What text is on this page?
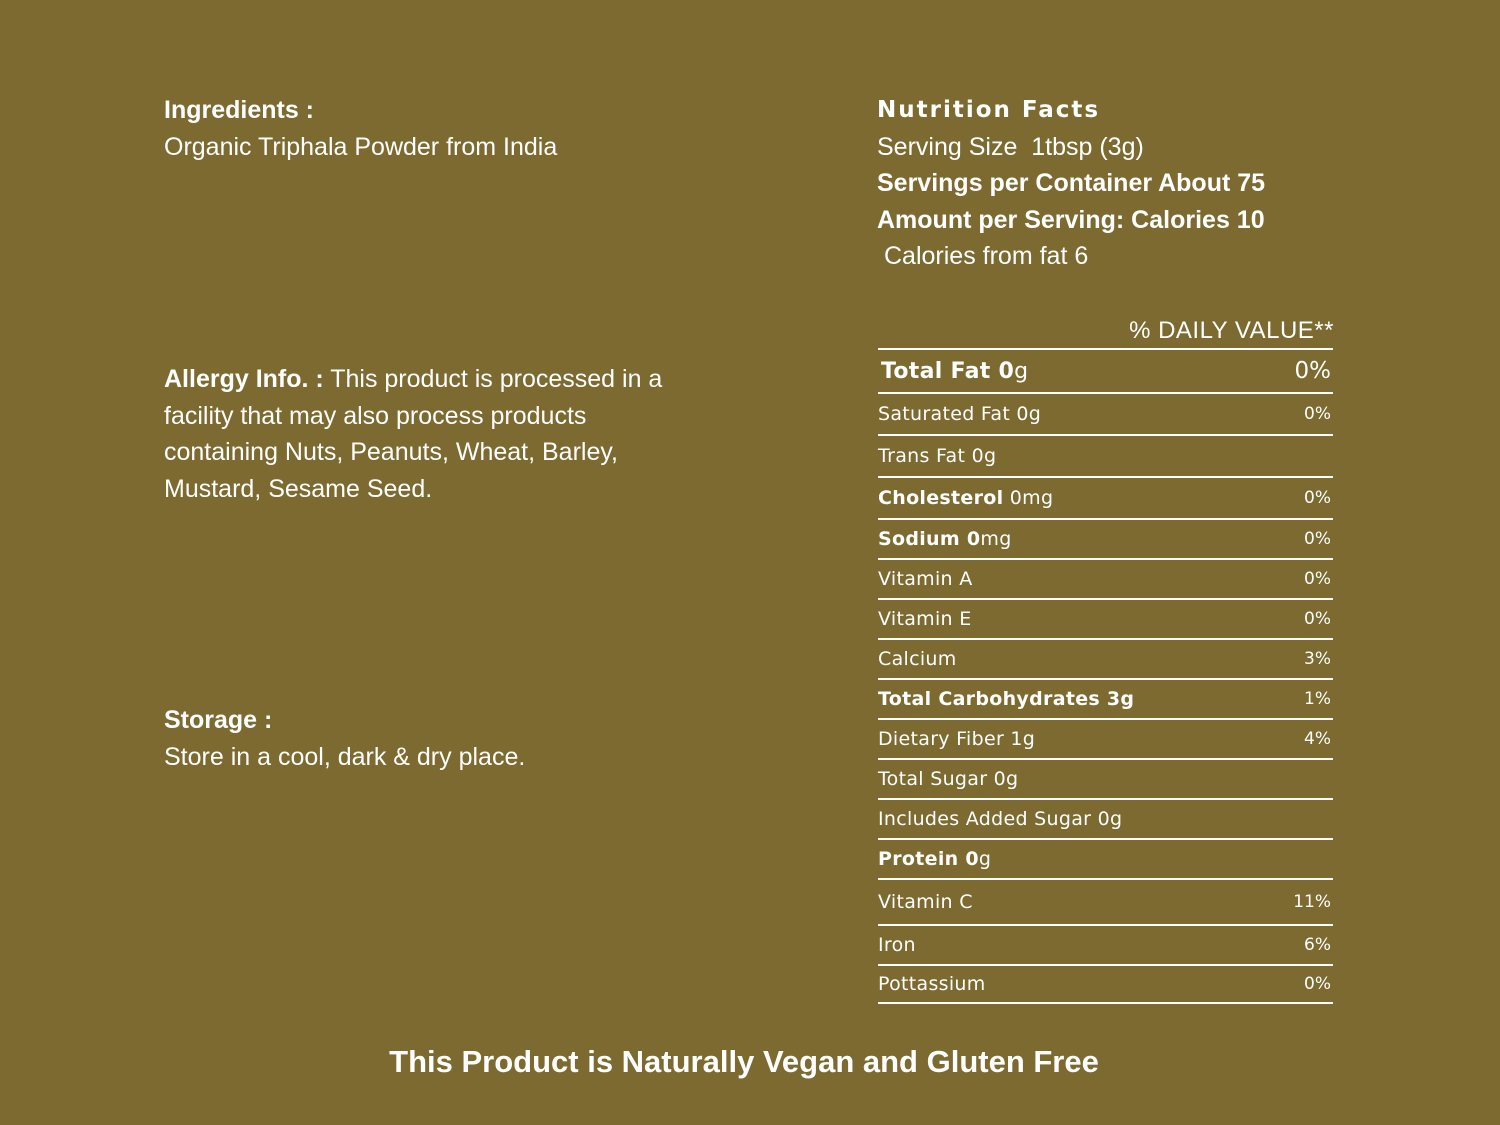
Ingredients :

Organic Triphala Powder from India

Allergy Info. : This product is processed in a facility that may also process products containing Nuts, Peanuts, Wheat, Barley, Mustard, Sesame Seed.

Storage :

Store in a cool, dark & dry place.

Nutrition Facts
Serving Size  1tbsp (3g)
Servings per Container About 75
Amount per Serving: Calories 10
Calories from fat 6
% DAILY VALUE**
Total Fat 0g	0%
Saturated Fat 0g	0%
Trans Fat 0g
Cholesterol 0mg	0%
Sodium 0mg	0%
Vitamin A	0%
Vitamin E	0%
Calcium	3%
Total Carbohydrates 3g	1%
Dietary Fiber 1g	4%
Total Sugar 0g
Includes Added Sugar 0g
Protein 0g
Vitamin C	11%
Iron	6%
Pottassium	0%
This Product is Naturally Vegan and Gluten Free
